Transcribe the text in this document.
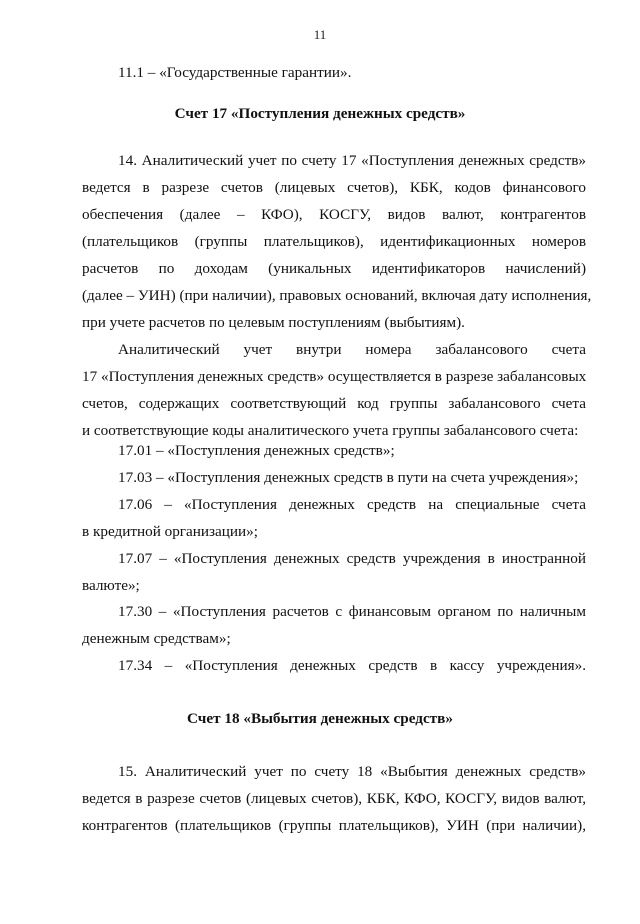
11
11.1 – «Государственные гарантии».
Счет 17 «Поступления денежных средств»
14. Аналитический учет по счету 17 «Поступления денежных средств»
ведется в разрезе счетов (лицевых счетов), КБК, кодов финансового
обеспечения (далее – КФО), КОСГУ, видов валют, контрагентов
(плательщиков (группы плательщиков), идентификационных номеров
расчетов по доходам (уникальных идентификаторов начислений)
(далее – УИН) (при наличии), правовых оснований, включая дату исполнения,
при учете расчетов по целевым поступлениям (выбытиям).
Аналитический учет внутри номера забалансового счета
17 «Поступления денежных средств» осуществляется в разрезе забалансовых
счетов, содержащих соответствующий код группы забалансового счета
и соответствующие коды аналитического учета группы забалансового счета:
17.01 – «Поступления денежных средств»;
17.03 – «Поступления денежных средств в пути на счета учреждения»;
17.06 – «Поступления денежных средств на специальные счета
в кредитной организации»;
17.07 – «Поступления денежных средств учреждения в иностранной
валюте»;
17.30 – «Поступления расчетов с финансовым органом по наличным
денежным средствам»;
17.34 – «Поступления денежных средств в кассу учреждения».
Счет 18 «Выбытия денежных средств»
15. Аналитический учет по счету 18 «Выбытия денежных средств»
ведется в разрезе счетов (лицевых счетов), КБК, КФО, КОСГУ, видов валют,
контрагентов (плательщиков (группы плательщиков), УИН (при наличии),
